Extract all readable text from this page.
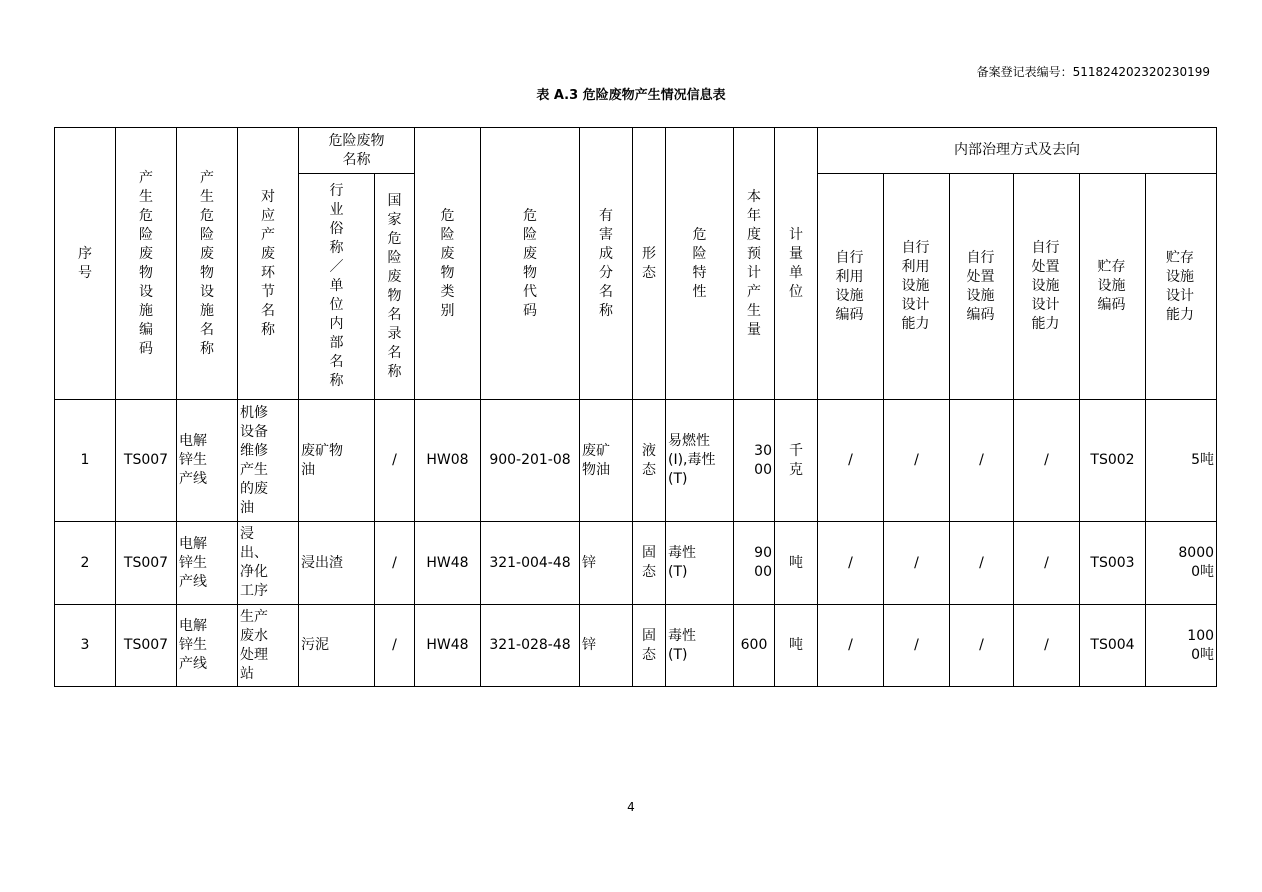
备案登记表编号：511824202320230199
表 A.3 危险废物产生情况信息表
序号	产生危险废物设施编码	产生危险废物设施名称	对应产废环节名称	危险废物名称		危险废物类别	危险废物代码	有害成分名称	形态	危险特性	本年度预计产生量	计量单位	内部治理方式及去向					
				行业俗称／单位内部名称	国家危险废物名录名称								自行利用设施编码	自行利用设施设计能力	自行处置设施编码	自行处置设施设计能力	贮存设施编码	贮存设施设计能力
1	TS007	电解锌生产线	机修设备维修产生的废油	废矿物油	/	HW08	900-201-08	废矿物油	液态	易燃性(I),毒性(T)	3000	千克	/	/	/	/	TS002	5吨
2	TS007	电解锌生产线	浸出、净化工序	浸出渣	/	HW48	321-004-48	锌	固态	毒性(T)	9000	吨	/	/	/	/	TS003	80000吨
3	TS007	电解锌生产线	生产废水处理站	污泥	/	HW48	321-028-48	锌	固态	毒性(T)	600	吨	/	/	/	/	TS004	1000吨
4
